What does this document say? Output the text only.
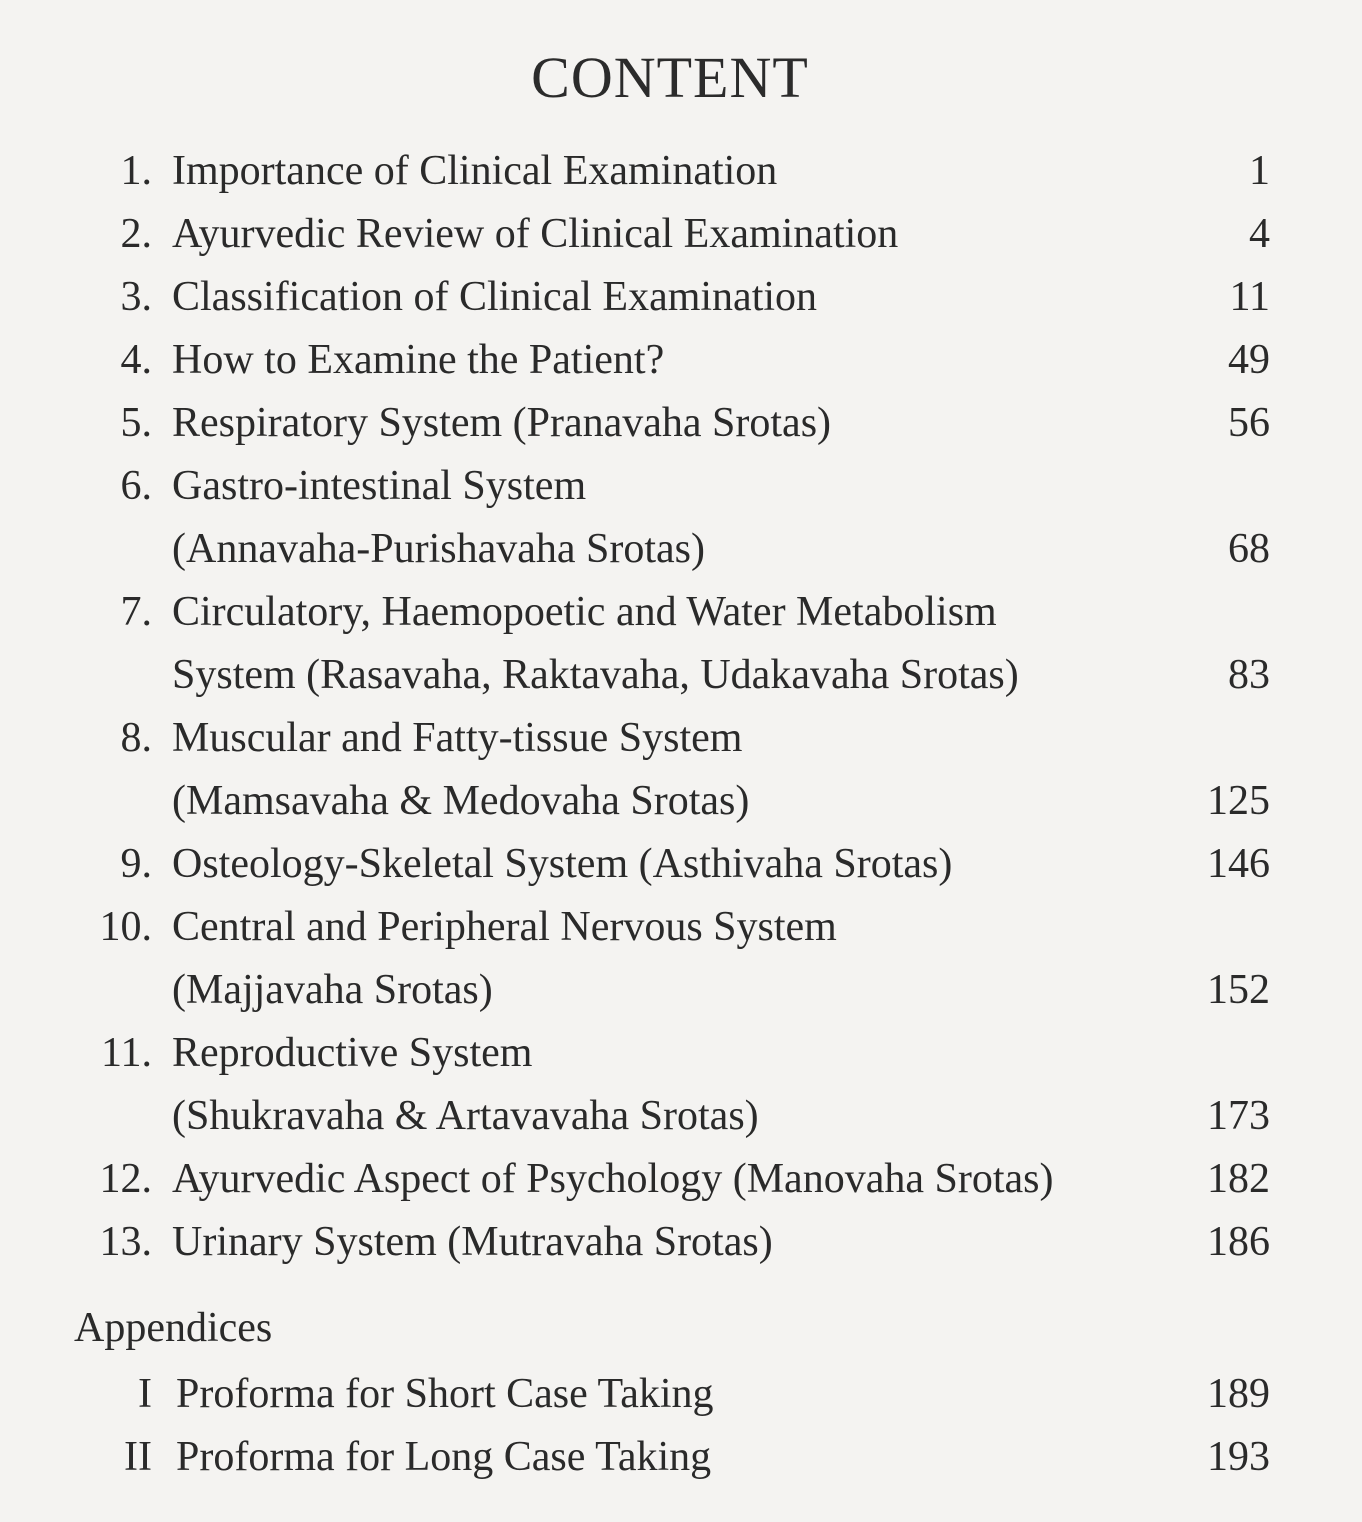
CONTENT
1. Importance of Clinical Examination	1
2. Ayurvedic Review of Clinical Examination	4
3. Classification of Clinical Examination	11
4. How to Examine the Patient?	49
5. Respiratory System (Pranavaha Srotas)	56
6. Gastro-intestinal System
(Annavaha-Purishavaha Srotas)	68
7. Circulatory, Haemopoetic and Water Metabolism
System (Rasavaha, Raktavaha, Udakavaha Srotas)	83
8. Muscular and Fatty-tissue System
(Mamsavaha & Medovaha Srotas)	125
9. Osteology-Skeletal System (Asthivaha Srotas)	146
10. Central and Peripheral Nervous System
(Majjavaha Srotas)	152
11. Reproductive System
(Shukravaha & Artavavaha Srotas)	173
12. Ayurvedic Aspect of Psychology (Manovaha Srotas)	182
13. Urinary System (Mutravaha Srotas)	186
Appendices
I Proforma for Short Case Taking	189
II Proforma for Long Case Taking	193
